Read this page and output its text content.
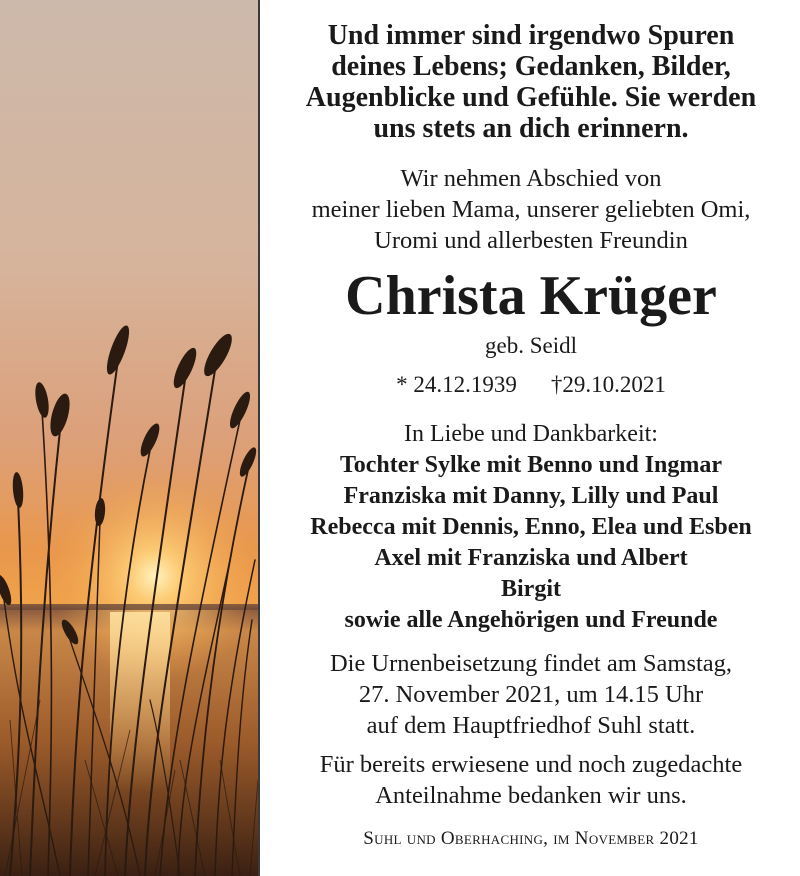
Und immer sind irgendwo Spuren
deines Lebens; Gedanken, Bilder,
Augenblicke und Gefühle. Sie werden
uns stets an dich erinnern.
Wir nehmen Abschied von
meiner lieben Mama, unserer geliebten Omi,
Uromi und allerbesten Freundin
Christa Krüger
geb. Seidl
* 24.12.1939 †29.10.2021
In Liebe und Dankbarkeit:
Tochter Sylke mit Benno und Ingmar
Franziska mit Danny, Lilly und Paul
Rebecca mit Dennis, Enno, Elea und Esben
Axel mit Franziska und Albert
Birgit
sowie alle Angehörigen und Freunde
Die Urnenbeisetzung findet am Samstag,
27. November 2021, um 14.15 Uhr
auf dem Hauptfriedhof Suhl statt.
Für bereits erwiesene und noch zugedachte
Anteilnahme bedanken wir uns.
Suhl und Oberhaching, im November 2021
